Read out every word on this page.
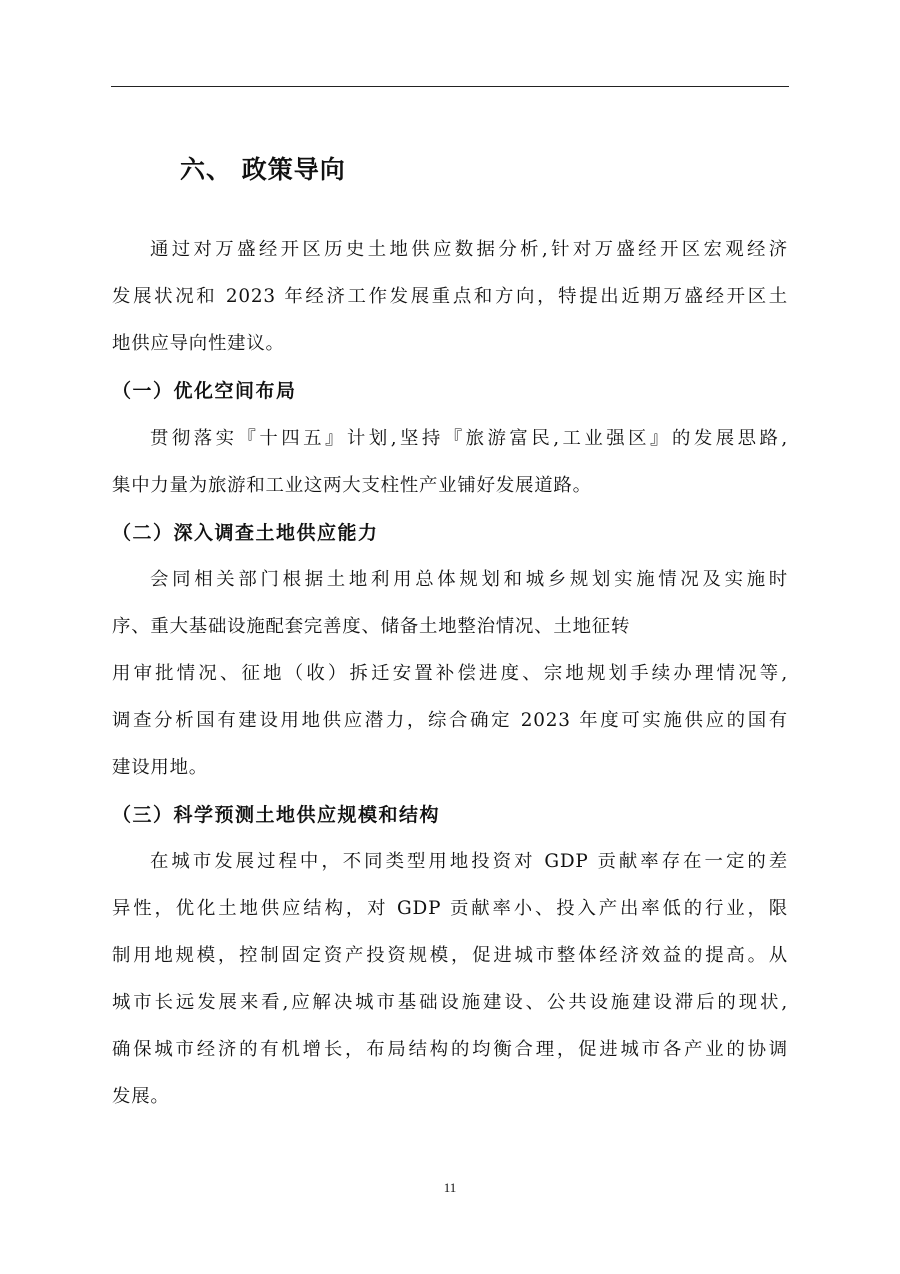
六、 政策导向
通过对万盛经开区历史土地供应数据分析,针对万盛经开区宏观经济
发展状况和 2023 年经济工作发展重点和方向，特提出近期万盛经开区土
地供应导向性建议。
（一）优化空间布局
贯彻落实『十四五』计划,坚持『旅游富民,工业强区』的发展思路,
集中力量为旅游和工业这两大支柱性产业铺好发展道路。
（二）深入调查土地供应能力
会同相关部门根据土地利用总体规划和城乡规划实施情况及实施时
序、重大基础设施配套完善度、储备土地整治情况、土地征转
用审批情况、征地（收）拆迁安置补偿进度、宗地规划手续办理情况等,
调查分析国有建设用地供应潜力，综合确定 2023 年度可实施供应的国有
建设用地。
（三）科学预测土地供应规模和结构
在城市发展过程中，不同类型用地投资对 GDP 贡献率存在一定的差
异性，优化土地供应结构，对 GDP 贡献率小、投入产出率低的行业，限
制用地规模，控制固定资产投资规模，促进城市整体经济效益的提高。从
城市长远发展来看,应解决城市基础设施建设、公共设施建设滞后的现状,
确保城市经济的有机增长，布局结构的均衡合理，促进城市各产业的协调
发展。
11
